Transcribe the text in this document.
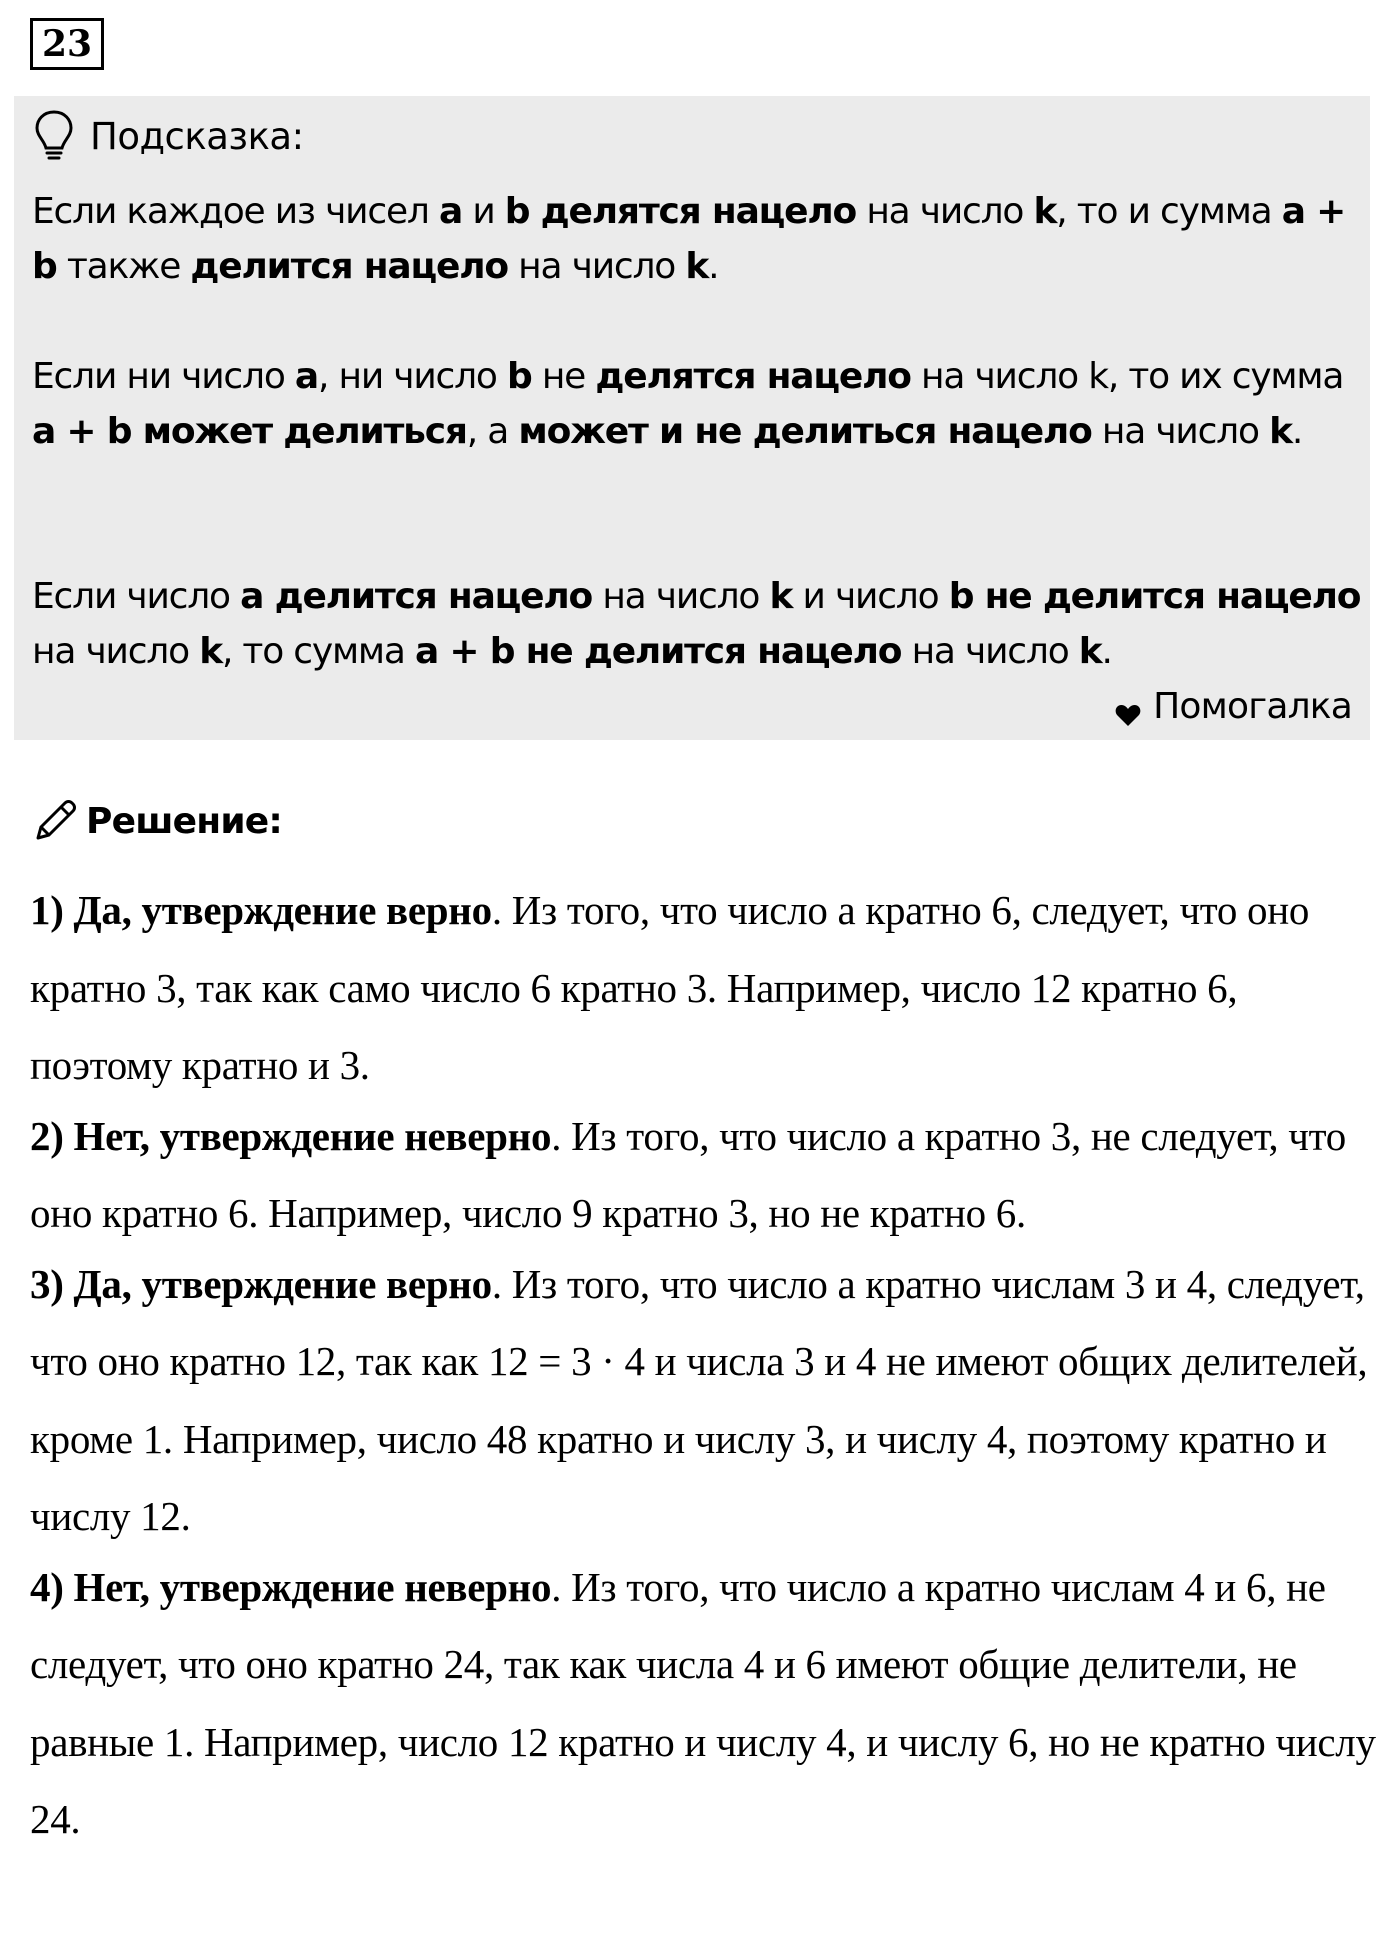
23
Подсказка:

Если каждое из чисел a и b делятся нацело на число k, то и сумма a + b также делится нацело на число k.

Если ни число a, ни число b не делятся нацело на число k, то их сумма a + b может делиться, а может и не делиться нацело на число k.

Если число a делится нацело на число k и число b не делится нацело на число k, то сумма a + b не делится нацело на число k.

Помогалка
Решение:

1) Да, утверждение верно. Из того, что число а кратно 6, следует, что оно кратно 3, так как само число 6 кратно 3. Например, число 12 кратно 6, поэтому кратно и 3.

2) Нет, утверждение неверно. Из того, что число а кратно 3, не следует, что оно кратно 6. Например, число 9 кратно 3, но не кратно 6.

3) Да, утверждение верно. Из того, что число а кратно числам 3 и 4, следует, что оно кратно 12, так как 12 = 3 · 4 и числа 3 и 4 не имеют общих делителей, кроме 1. Например, число 48 кратно и числу 3, и числу 4, поэтому кратно и числу 12.

4) Нет, утверждение неверно. Из того, что число а кратно числам 4 и 6, не следует, что оно кратно 24, так как числа 4 и 6 имеют общие делители, не равные 1. Например, число 12 кратно и числу 4, и числу 6, но не кратно числу 24.
